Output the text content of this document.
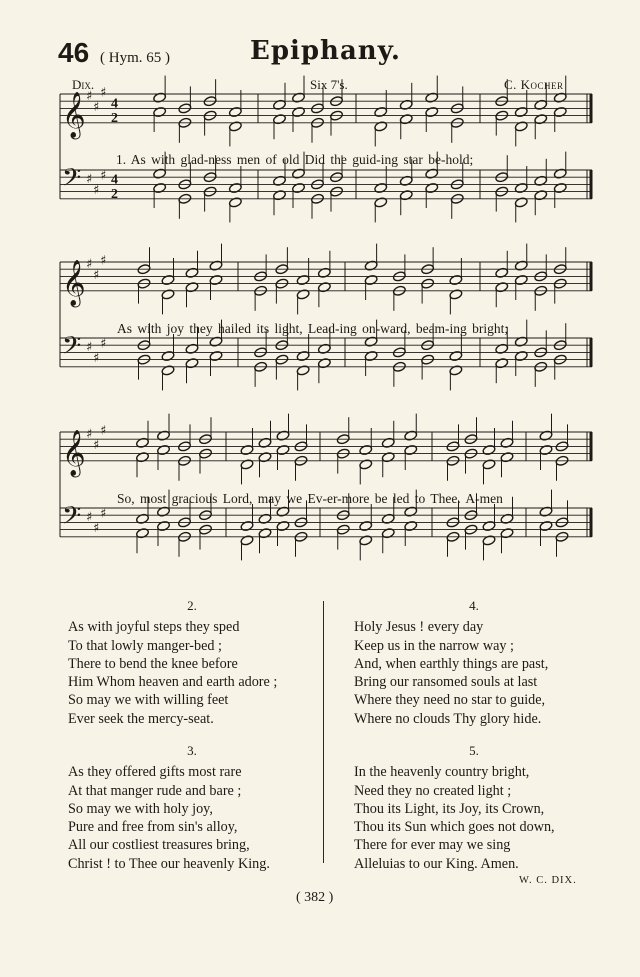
46 ( Hym. 65 )	Epiphany.
Dix.	Six 7's.	C. Kocher
𝄞 ♯
♯
♯
4
2
𝄢 ♯
♯
♯ 4
2
𝄞 ♯
♯
♯
𝄢 ♯
♯
♯
𝄞 ♯
♯
♯
𝄢 ♯
♯
♯
1. As with glad-ness men of old Did the guid-ing star be-hold;
As with joy they hailed its light, Lead-ing on-ward, beam-ing bright;
So, most gracious Lord, may we Ev-er-more be led to Thee. A-men
2.
As with joyful steps they sped
To that lowly manger-bed ;
There to bend the knee before
Him Whom heaven and earth adore ;
So may we with willing feet
Ever seek the mercy-seat.
3.
As they offered gifts most rare
At that manger rude and bare ;
So may we with holy joy,
Pure and free from sin's alloy,
All our costliest treasures bring,
Christ ! to Thee our heavenly King.
4.
Holy Jesus ! every day
Keep us in the narrow way ;
And, when earthly things are past,
Bring our ransomed souls at last
Where they need no star to guide,
Where no clouds Thy glory hide.
5.
In the heavenly country bright,
Need they no created light ;
Thou its Light, its Joy, its Crown,
Thou its Sun which goes not down,
There for ever may we sing
Alleluias to our King. Amen.
W. C. DIX.
( 382 )
